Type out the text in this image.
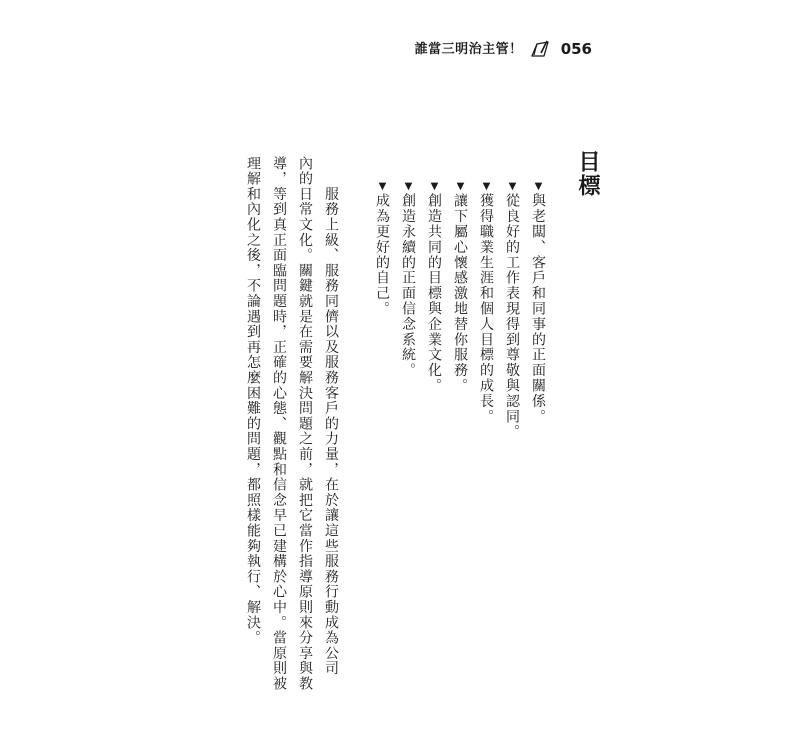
誰當三明治主管！	056
目標
▼與老闆、客戶和同事的正面關係。
▼從良好的工作表現得到尊敬與認同。
▼獲得職業生涯和個人目標的成長。
▼讓下屬心懷感激地替你服務。
▼創造共同的目標與企業文化。
▼創造永續的正面信念系統。
▼成為更好的自己。
　　服務上級、服務同儕以及服務客戶的力量，在於讓這些服務行動成為公司
內的日常文化。關鍵就是在需要解決問題之前，就把它當作指導原則來分享與教
導，等到真正面臨問題時，正確的心態、觀點和信念早已建構於心中。當原則被
理解和內化之後，不論遇到再怎麼困難的問題，都照樣能夠執行、解決。
